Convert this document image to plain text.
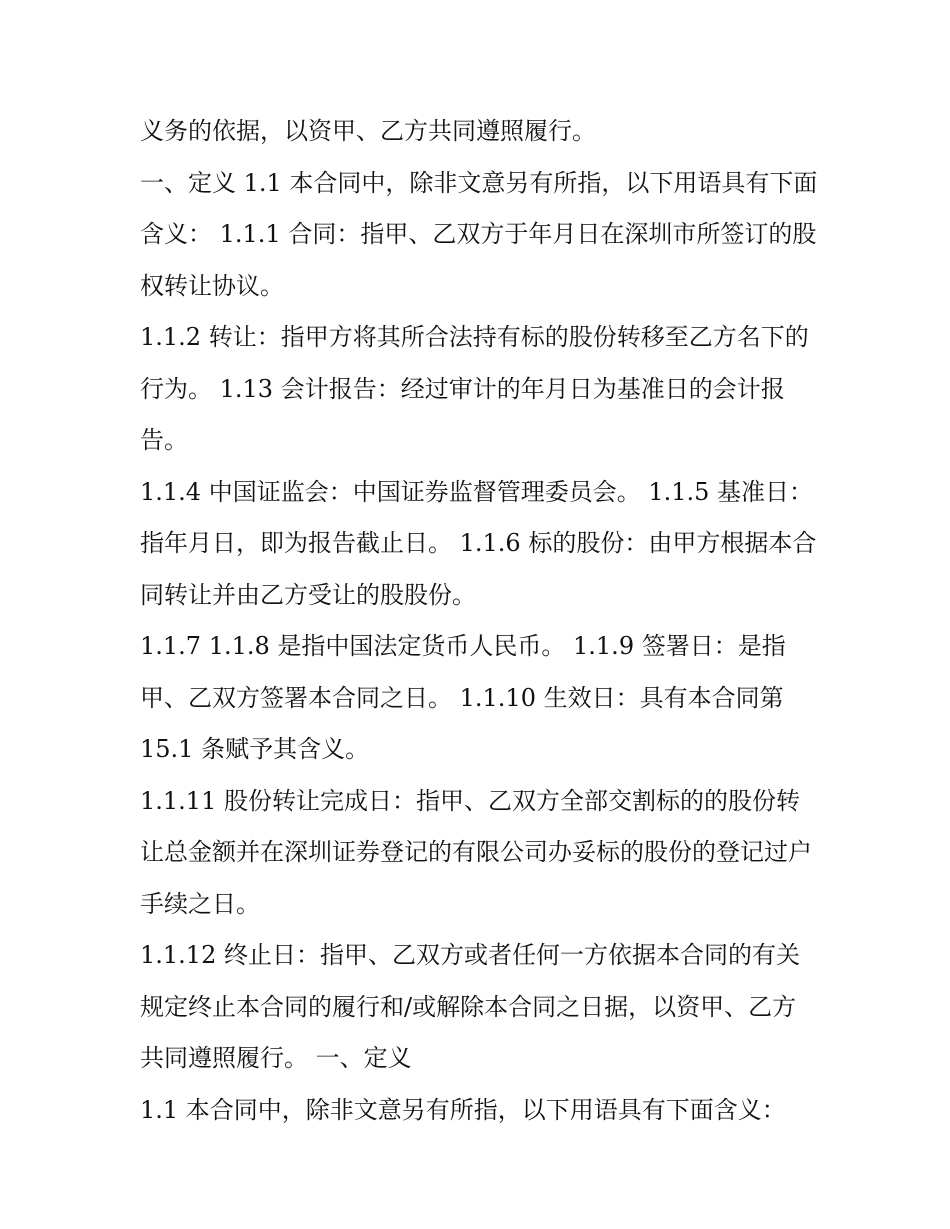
义务的依据，以资甲、乙方共同遵照履行。

一、定义 1.1 本合同中，除非文意另有所指，以下用语具有下面含义： 1.1.1 合同：指甲、乙双方于年月日在深圳市所签订的股权转让协议。

1.1.2 转让：指甲方将其所合法持有标的股份转移至乙方名下的行为。 1.13 会计报告：经过审计的年月日为基准日的会计报告。

1.1.4 中国证监会：中国证券监督管理委员会。 1.1.5 基准日：指年月日，即为报告截止日。 1.1.6 标的股份：由甲方根据本合同转让并由乙方受让的股股份。

1.1.7 1.1.8 是指中国法定货币人民币。 1.1.9 签署日：是指甲、乙双方签署本合同之日。 1.1.10 生效日：具有本合同第 15.1 条赋予其含义。

1.1.11 股份转让完成日：指甲、乙双方全部交割标的的股份转让总金额并在深圳证券登记的有限公司办妥标的股份的登记过户手续之日。

1.1.12 终止日：指甲、乙双方或者任何一方依据本合同的有关规定终止本合同的履行和/或解除本合同之日据，以资甲、乙方共同遵照履行。 一、定义

1.1 本合同中，除非文意另有所指，以下用语具有下面含义：
